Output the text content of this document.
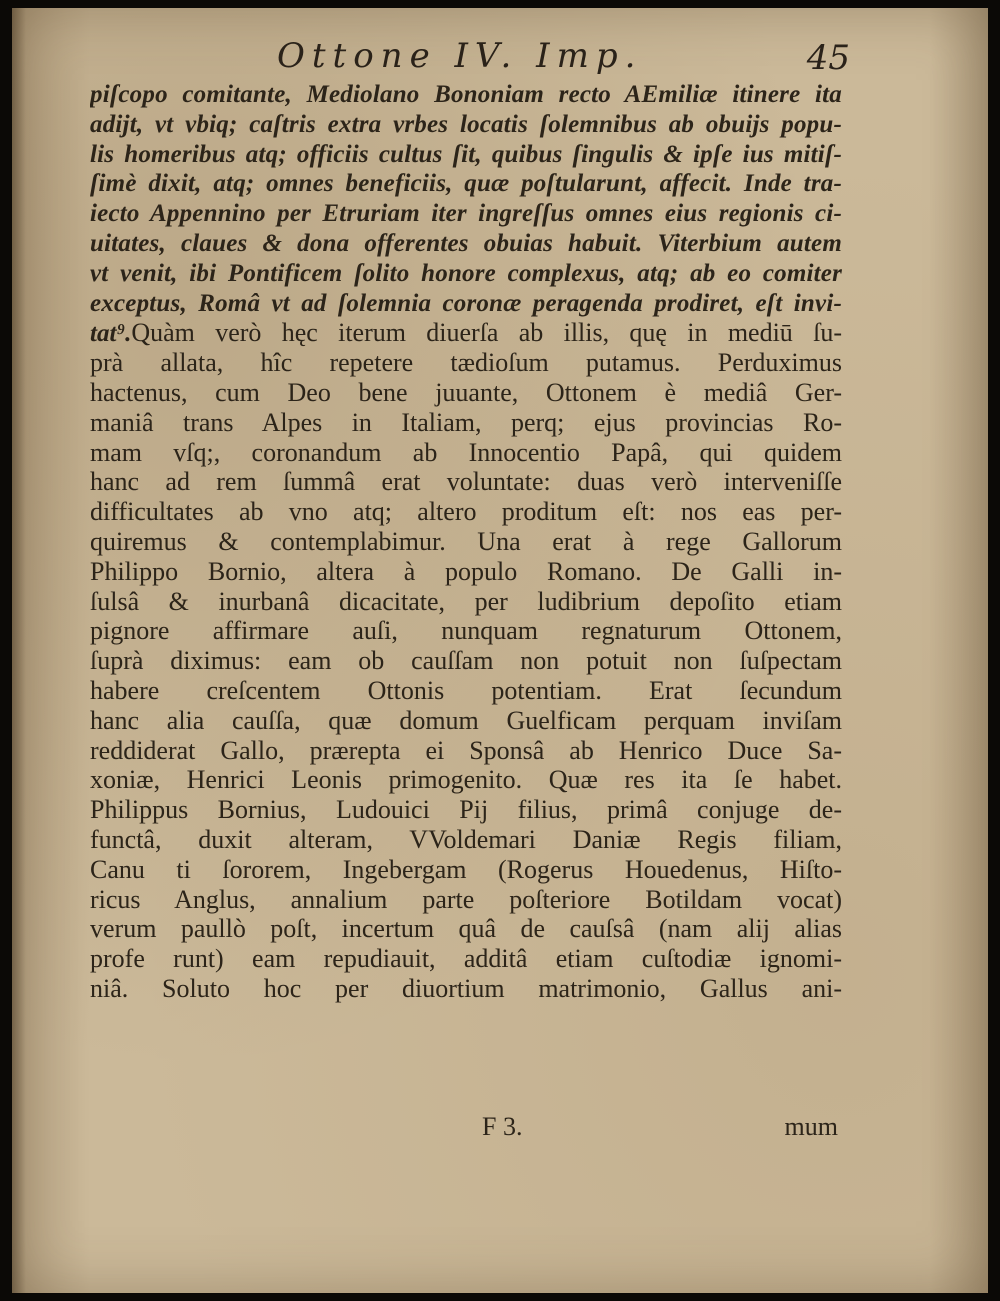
Ottone IV. Imp.	45
piſcopo comitante, Mediolano Bononiam recto AEmiliæ itinere ita
adijt, vt vbiq; caſtris extra vrbes locatis ſolemnibus ab obuijs popu-
lis homeribus atq; officiis cultus ſit, quibus ſingulis & ipſe ius mitiſ-
ſimè dixit, atq; omnes beneficiis, quæ poſtularunt, affecit. Inde tra-
iecto Appennino per Etruriam iter ingreſſus omnes eius regionis ci-
uitates, claues & dona offerentes obuias habuit. Viterbium autem
vt venit, ibi Pontificem ſolito honore complexus, atq; ab eo comiter
exceptus, Româ vt ad ſolemnia coronæ peragenda prodiret, eſt invi-
tat⁹.Quàm verò hęc iterum diuerſa ab illis, quę in mediū ſu-
prà allata, hîc repetere tædioſum putamus. Perduximus
hactenus, cum Deo bene juuante, Ottonem è mediâ Ger-
maniâ trans Alpes in Italiam, perq; ejus provincias Ro-
mam vſq;, coronandum ab Innocentio Papâ, qui quidem
hanc ad rem ſummâ erat voluntate: duas verò interveniſſe
difficultates ab vno atq; altero proditum eſt: nos eas per-
quiremus & contemplabimur. Una erat à rege Gallorum
Philippo Bornio, altera à populo Romano. De Galli in-
ſulsâ & inurbanâ dicacitate, per ludibrium depoſito etiam
pignore affirmare auſi, nunquam regnaturum Ottonem,
ſuprà diximus: eam ob cauſſam non potuit non ſuſpectam
habere creſcentem Ottonis potentiam. Erat ſecundum
hanc alia cauſſa, quæ domum Guelficam perquam inviſam
reddiderat Gallo, prærepta ei Sponsâ ab Henrico Duce Sa-
xoniæ, Henrici Leonis primogenito. Quæ res ita ſe habet.
Philippus Bornius, Ludouici Pij filius, primâ conjuge de-
functâ, duxit alteram, VVoldemari Daniæ Regis filiam,
Canu ti ſororem, Ingebergam (Rogerus Houedenus, Hiſto-
ricus Anglus, annalium parte poſteriore Botildam vocat)
verum paullò poſt, incertum quâ de cauſsâ (nam alij alias
profe runt) eam repudiauit, additâ etiam cuſtodiæ ignomi-
niâ. Soluto hoc per diuortium matrimonio, Gallus ani-
F 3.	mum
